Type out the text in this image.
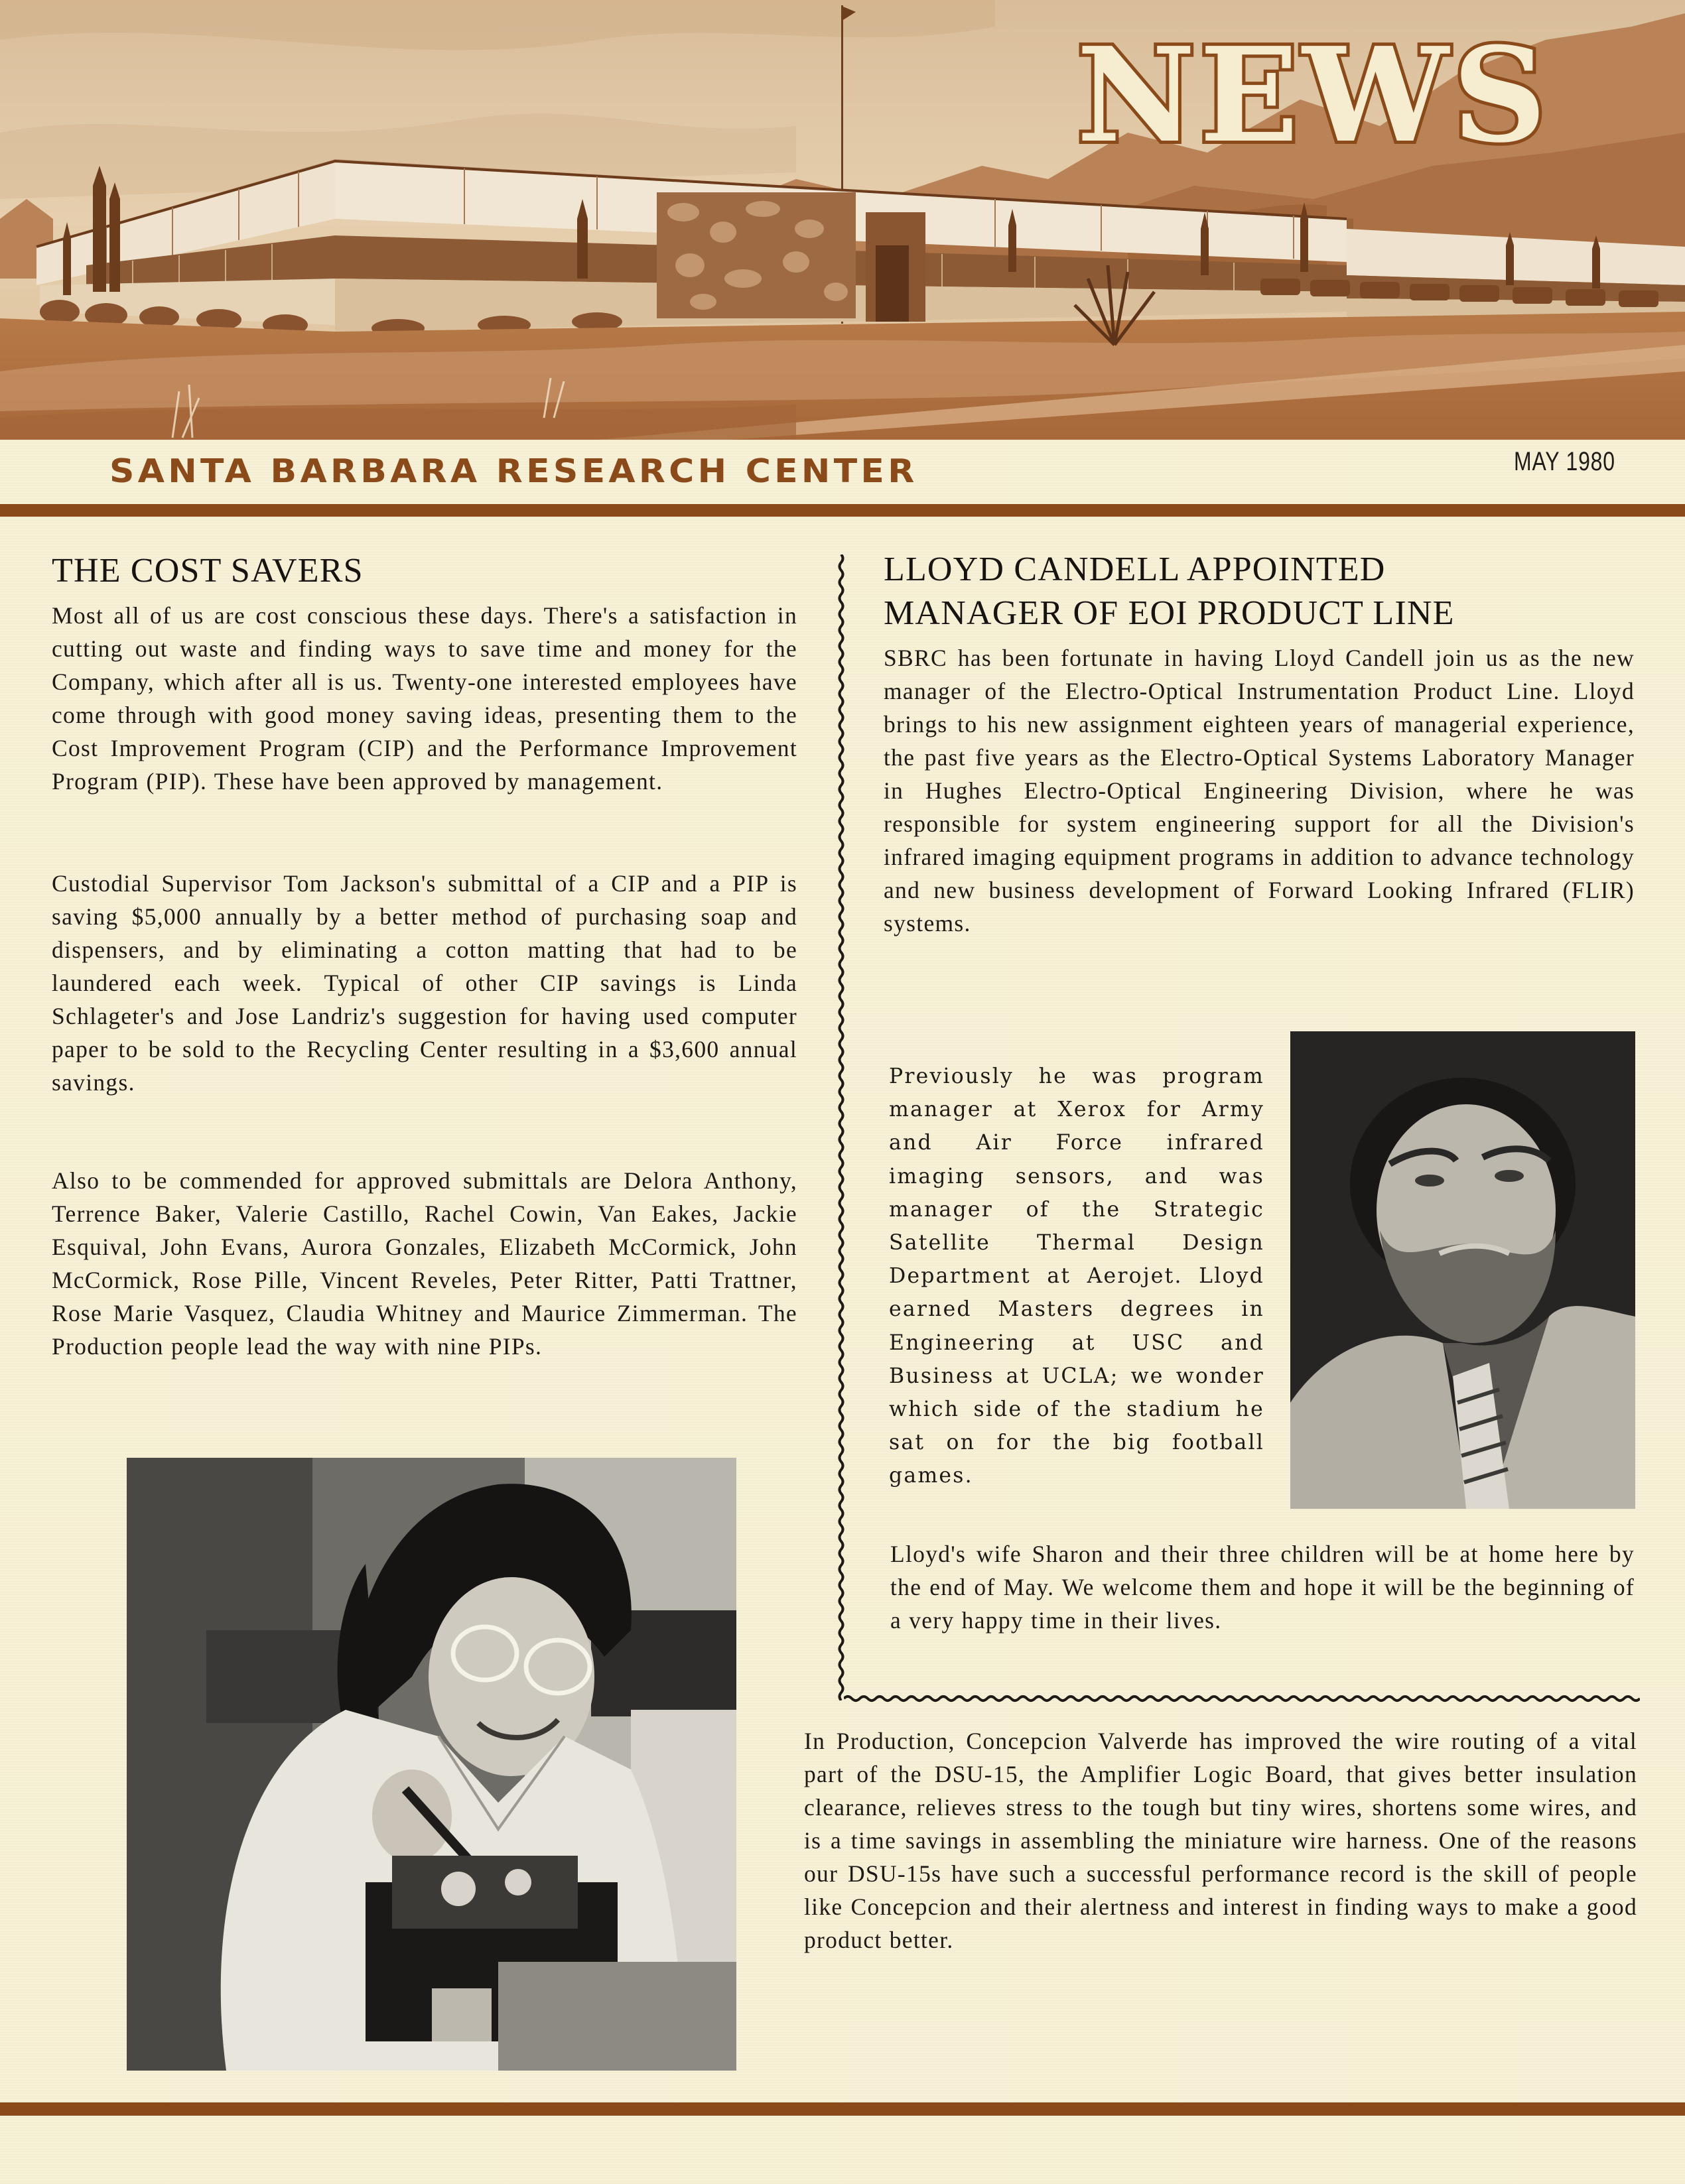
NEWS
SANTA BARBARA RESEARCH CENTER	MAY 1980
THE COST SAVERS

Most all of us are cost conscious these days. There's a satisfaction in cutting out waste and finding ways to save time and money for the Company, which after all is us. Twenty-one interested employees have come through with good money saving ideas, presenting them to the Cost Improvement Program (CIP) and the Performance Improvement Program (PIP). These have been approved by management.

Custodial Supervisor Tom Jackson's submittal of a CIP and a PIP is saving $5,000 annually by a better method of purchasing soap and dispensers, and by eliminating a cotton matting that had to be laundered each week. Typical of other CIP savings is Linda Schlageter's and Jose Landriz's suggestion for having used computer paper to be sold to the Recycling Center resulting in a $3,600 annual savings.

Also to be commended for approved submittals are Delora Anthony, Terrence Baker, Valerie Castillo, Rachel Cowin, Van Eakes, Jackie Esquival, John Evans, Aurora Gonzales, Elizabeth McCormick, John McCormick, Rose Pille, Vincent Reveles, Peter Ritter, Patti Trattner, Rose Marie Vasquez, Claudia Whitney and Maurice Zimmerman. The Production people lead the way with nine PIPs.

LLOYD CANDELL APPOINTED
MANAGER OF EOI PRODUCT LINE

SBRC has been fortunate in having Lloyd Candell join us as the new manager of the Electro-Optical Instrumentation Product Line. Lloyd brings to his new assignment eighteen years of managerial experience, the past five years as the Electro-Optical Systems Laboratory Manager in Hughes Electro-Optical Engineering Division, where he was responsible for system engineering support for all the Division's infrared imaging equipment programs in addition to advance technology and new business development of Forward Looking Infrared (FLIR) systems.

Previously he was program manager at Xerox for Army and Air Force infrared imaging sensors, and was manager of the Strategic Satellite Thermal Design Department at Aerojet. Lloyd earned Masters degrees in Engineering at USC and Business at UCLA; we wonder which side of the stadium he sat on for the big football games.

Lloyd's wife Sharon and their three children will be at home here by the end of May. We welcome them and hope it will be the beginning of a very happy time in their lives.

In Production, Concepcion Valverde has improved the wire routing of a vital part of the DSU-15, the Amplifier Logic Board, that gives better insulation clearance, relieves stress to the tough but tiny wires, shortens some wires, and is a time savings in assembling the miniature wire harness. One of the reasons our DSU-15s have such a successful performance record is the skill of people like Concepcion and their alertness and interest in finding ways to make a good product better.
